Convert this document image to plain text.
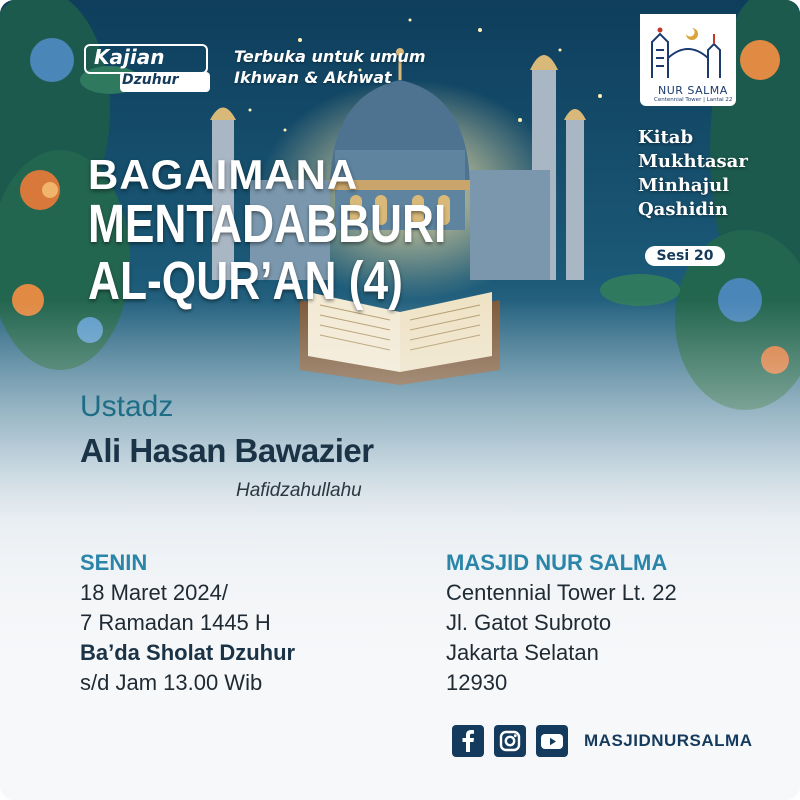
Kajian
Dzuhur
Terbuka untuk umum
Ikhwan & Akhwat
NUR SALMA
Centennial Tower | Lantai 22
Kitab
Mukhtasar
Minhajul
Qashidin
Sesi 20
BAGAIMANA
MENTADABBURI
AL-QUR’AN (4)
Ustadz
Ali Hasan Bawazier
Hafidzahullahu
SENIN
18 Maret 2024/
7 Ramadan 1445 H
Ba’da Sholat Dzuhur
s/d Jam 13.00 Wib
MASJID NUR SALMA
Centennial Tower Lt. 22
Jl. Gatot Subroto
Jakarta Selatan
12930
MASJIDNURSALMA
